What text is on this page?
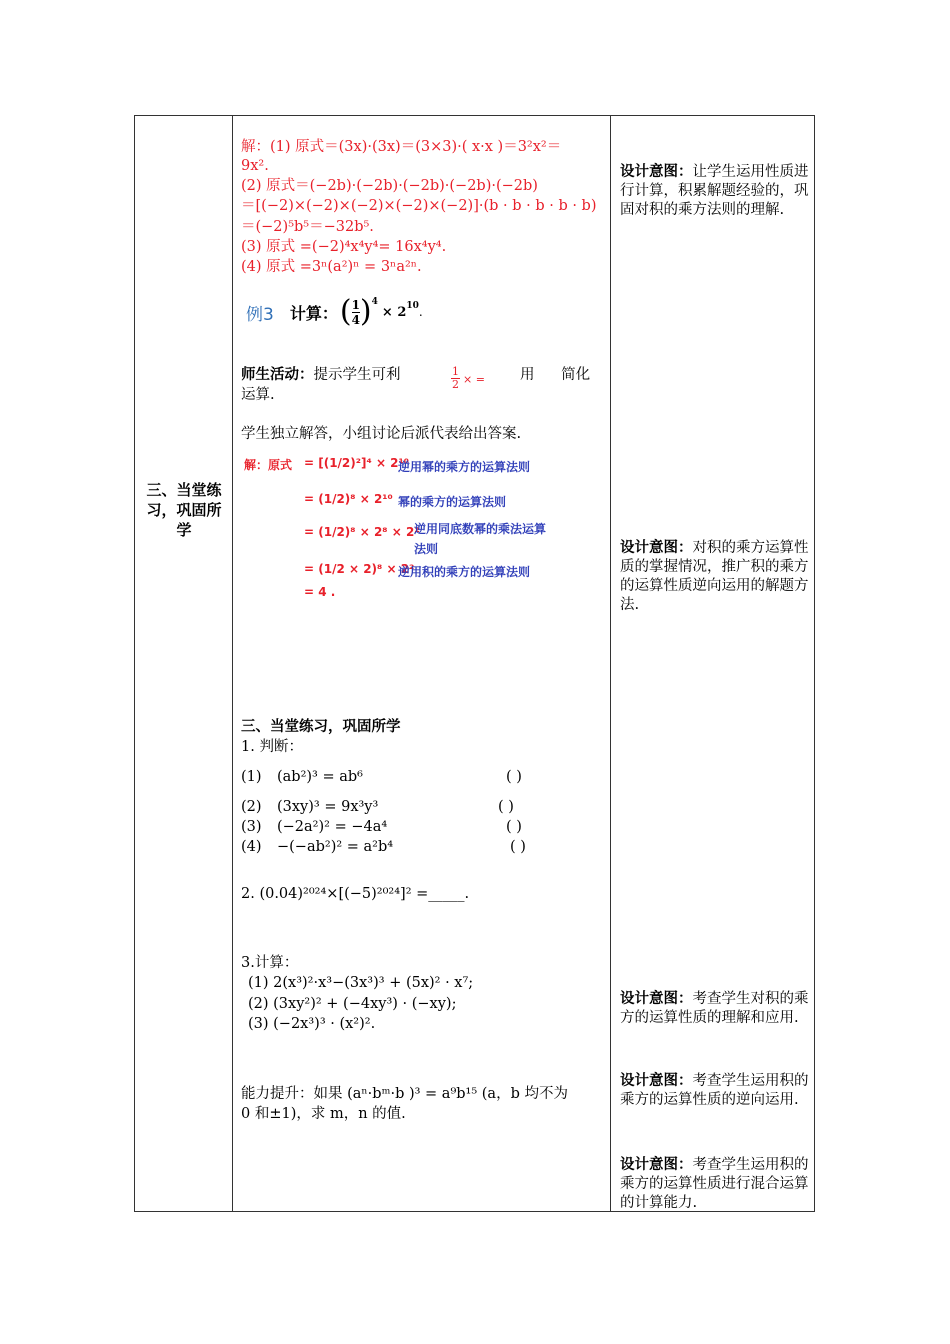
三、当堂练习，巩固所学
解：(1) 原式＝(3x)·(3x)＝(3×3)·( x·x )＝3²x²＝
9x².
(2) 原式＝(−2b)·(−2b)·(−2b)·(−2b)·(−2b)
＝[(−2)×(−2)×(−2)×(−2)×(−2)]·(b · b · b · b · b)
＝(−2)⁵b⁵＝−32b⁵.
(3) 原式 =(−2)⁴x⁴y⁴= 16x⁴y⁴.
(4) 原式 =3ⁿ(a²)ⁿ = 3ⁿa²ⁿ.
例3 计算： ( $\frac{1}{4}$ ) 4
× 2 10 .
师生活动：提示学生可利	1
2 × = 用 简化
运算.
学生独立解答，小组讨论后派代表给出答案.
解：原式 = [(1/2)²]⁴ × 2¹⁰
逆用幂的乘方的运算法则
= (1/2)⁸ × 2¹⁰ 幂的乘方的运算法则
= (1/2)⁸ × 2⁸ × 2²
逆用同底数幂的乘法运算
法则
= (1/2 × 2)⁸ × 2²
逆用积的乘方的运算法则
= 4 .
三、当堂练习，巩固所学
1. 判断：
(1) (ab²)³ = ab⁶	( )
(2) (3xy)³ = 9x³y³	( )
(3) (−2a²)² = −4a⁴	( )
(4) −(−ab²)² = a²b⁴	( )
2. (0.04)²⁰²⁴×[(−5)²⁰²⁴]² =_____.
3.计算：
(1) 2(x³)²·x³−(3x³)³ + (5x)² · x⁷;
(2) (3xy²)² + (−4xy³) · (−xy);
(3) (−2x³)³ · (x²)².
能力提升：如果 (aⁿ·bᵐ·b )³ = a⁹b¹⁵ (a，b 均不为
0 和±1)，求 m，n 的值.
设计意图：让学生运用性质进行计算，积累解题经验的，巩固对积的乘方法则的理解.
设计意图：对积的乘方运算性质的掌握情况，推广积的乘方的运算性质逆向运用的解题方法.
设计意图：考查学生对积的乘方的运算性质的理解和应用.
设计意图：考查学生运用积的乘方的运算性质的逆向运用.
设计意图：考查学生运用积的乘方的运算性质进行混合运算的计算能力.
